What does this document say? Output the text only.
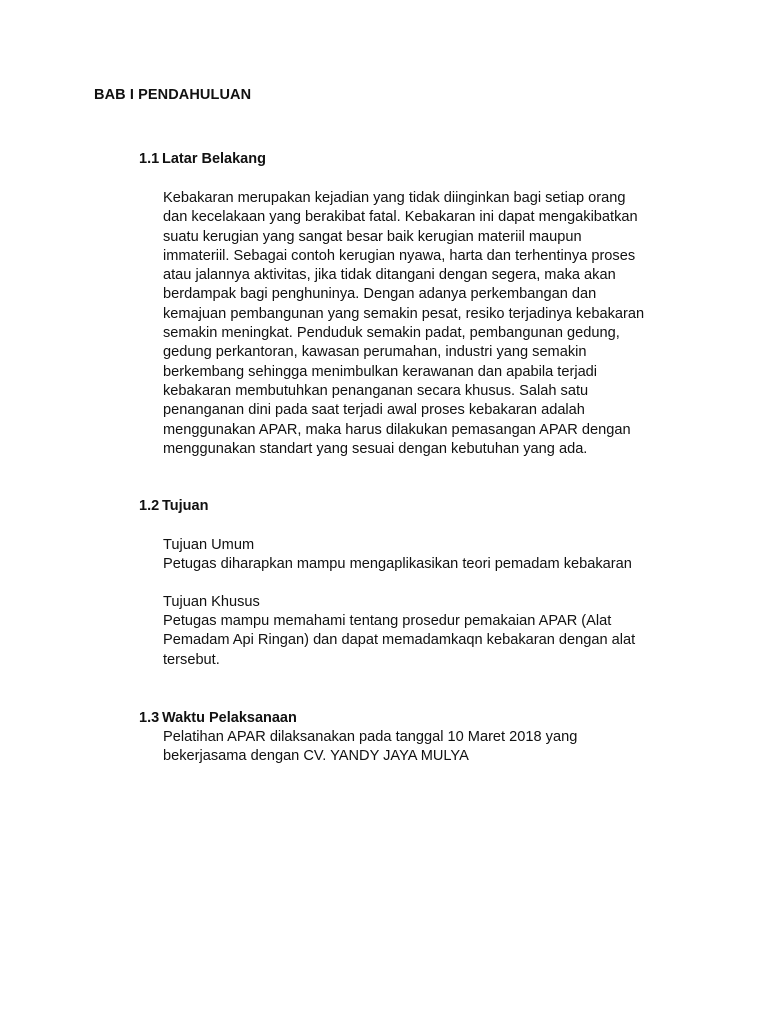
BAB I PENDAHULUAN
1.1 Latar Belakang
Kebakaran merupakan kejadian yang tidak diinginkan bagi setiap orang
dan kecelakaan yang berakibat fatal. Kebakaran ini dapat mengakibatkan
suatu kerugian yang sangat besar baik kerugian materiil maupun
immateriil. Sebagai contoh kerugian nyawa, harta dan terhentinya proses
atau jalannya aktivitas, jika tidak ditangani dengan segera, maka akan
berdampak bagi penghuninya. Dengan adanya perkembangan dan
kemajuan pembangunan yang semakin pesat, resiko terjadinya kebakaran
semakin meningkat. Penduduk semakin padat, pembangunan gedung,
gedung perkantoran, kawasan perumahan, industri yang semakin
berkembang sehingga menimbulkan kerawanan dan apabila terjadi
kebakaran membutuhkan penanganan secara khusus. Salah satu
penanganan dini pada saat terjadi awal proses kebakaran adalah
menggunakan APAR, maka harus dilakukan pemasangan APAR dengan
menggunakan standart yang sesuai dengan kebutuhan yang ada.
1.2 Tujuan
Tujuan Umum
Petugas diharapkan mampu mengaplikasikan teori pemadam kebakaran
Tujuan Khusus
Petugas mampu memahami tentang prosedur pemakaian APAR (Alat
Pemadam Api Ringan) dan dapat memadamkaqn kebakaran dengan alat
tersebut.
1.3 Waktu Pelaksanaan
Pelatihan APAR dilaksanakan pada tanggal 10 Maret 2018 yang
bekerjasama dengan CV. YANDY JAYA MULYA
